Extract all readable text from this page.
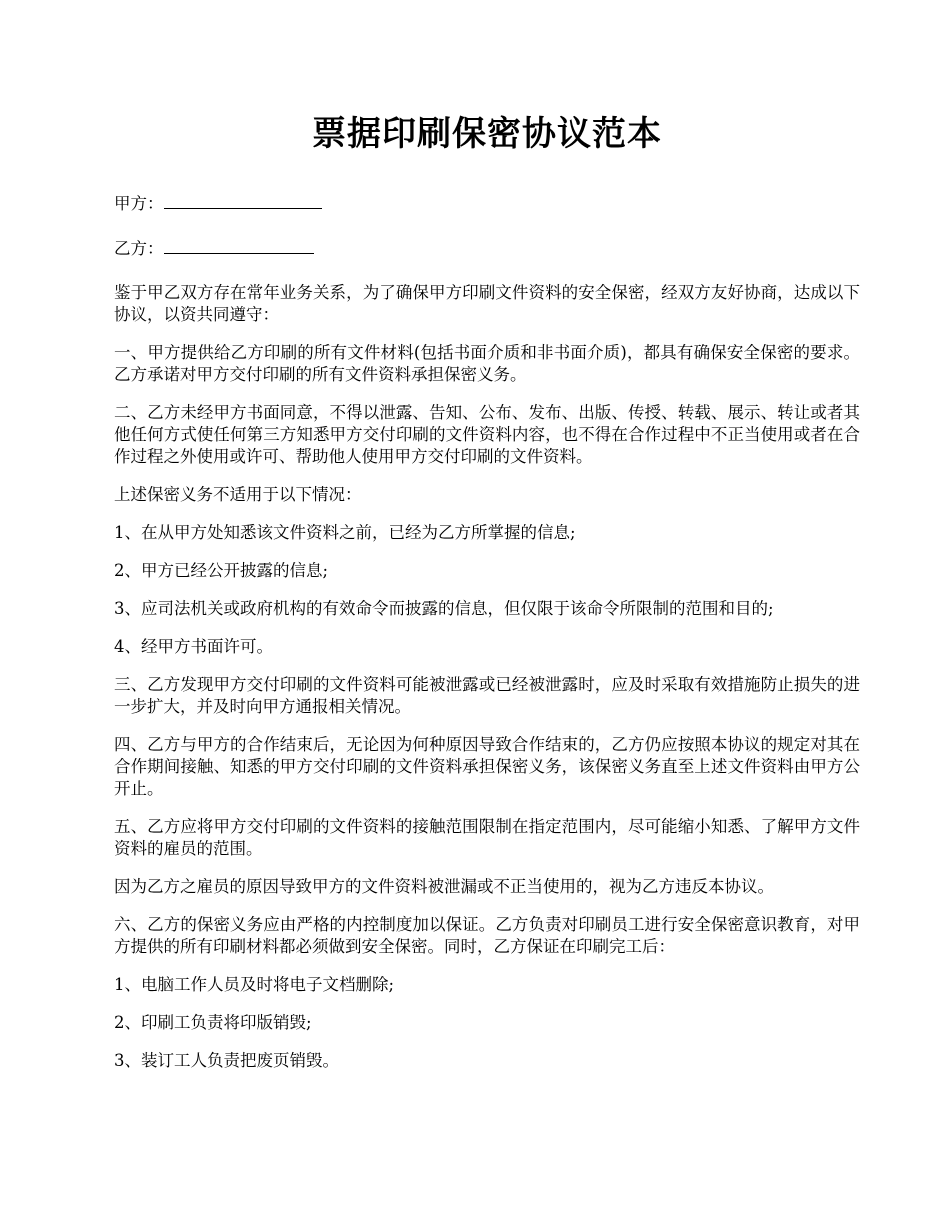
票据印刷保密协议范本

甲方：

乙方：

鉴于甲乙双方存在常年业务关系，为了确保甲方印刷文件资料的安全保密，经双方友好协商，达成以下协议，以资共同遵守：

一、甲方提供给乙方印刷的所有文件材料(包括书面介质和非书面介质)，都具有确保安全保密的要求。乙方承诺对甲方交付印刷的所有文件资料承担保密义务。

二、乙方未经甲方书面同意，不得以泄露、告知、公布、发布、出版、传授、转载、展示、转让或者其他任何方式使任何第三方知悉甲方交付印刷的文件资料内容，也不得在合作过程中不正当使用或者在合作过程之外使用或许可、帮助他人使用甲方交付印刷的文件资料。

上述保密义务不适用于以下情况：

1、在从甲方处知悉该文件资料之前，已经为乙方所掌握的信息;

2、甲方已经公开披露的信息;

3、应司法机关或政府机构的有效命令而披露的信息，但仅限于该命令所限制的范围和目的;

4、经甲方书面许可。

三、乙方发现甲方交付印刷的文件资料可能被泄露或已经被泄露时，应及时采取有效措施防止损失的进一步扩大，并及时向甲方通报相关情况。

四、乙方与甲方的合作结束后，无论因为何种原因导致合作结束的，乙方仍应按照本协议的规定对其在合作期间接触、知悉的甲方交付印刷的文件资料承担保密义务，该保密义务直至上述文件资料由甲方公开止。

五、乙方应将甲方交付印刷的文件资料的接触范围限制在指定范围内，尽可能缩小知悉、了解甲方文件资料的雇员的范围。

因为乙方之雇员的原因导致甲方的文件资料被泄漏或不正当使用的，视为乙方违反本协议。

六、乙方的保密义务应由严格的内控制度加以保证。乙方负责对印刷员工进行安全保密意识教育，对甲方提供的所有印刷材料都必须做到安全保密。同时，乙方保证在印刷完工后：

1、电脑工作人员及时将电子文档删除;

2、印刷工负责将印版销毁;

3、装订工人负责把废页销毁。
